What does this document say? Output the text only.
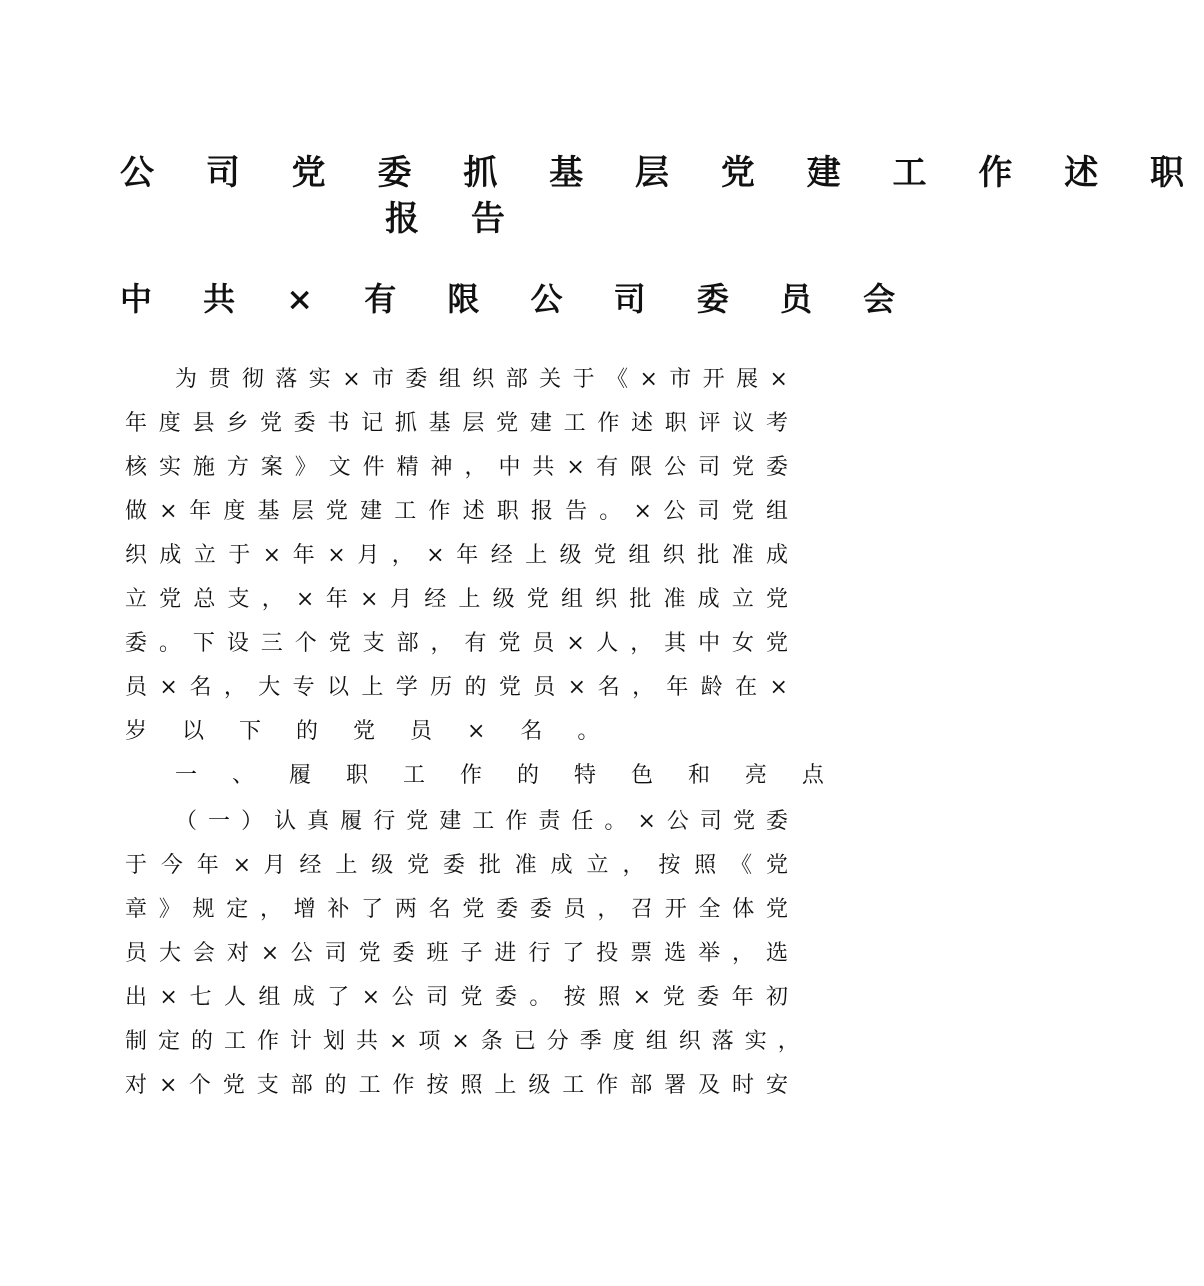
公 司 党 委 抓 基 层 党 建 工 作 述 职
报 告
中 共 × 有 限 公 司 委 员 会
为 贯 彻 落 实 × 市 委 组 织 部 关 于 《 × 市 开 展 ×
年 度 县 乡 党 委 书 记 抓 基 层 党 建 工 作 述 职 评 议 考
核 实 施 方 案 》 文 件 精 神 ， 中 共 × 有 限 公 司 党 委
做 × 年 度 基 层 党 建 工 作 述 职 报 告 。 × 公 司 党 组
织 成 立 于 × 年 × 月 ， × 年 经 上 级 党 组 织 批 准 成
立 党 总 支 ， × 年 × 月 经 上 级 党 组 织 批 准 成 立 党
委 。 下 设 三 个 党 支 部 ， 有 党 员 × 人 ， 其 中 女 党
员 × 名 ， 大 专 以 上 学 历 的 党 员 × 名 ， 年 龄 在 ×
岁 以 下 的 党 员 × 名 。
一 、 履 职 工 作 的 特 色 和 亮 点
（ 一 ） 认 真 履 行 党 建 工 作 责 任 。 × 公 司 党 委
于 今 年 × 月 经 上 级 党 委 批 准 成 立 ， 按 照 《 党
章 》 规 定 ， 增 补 了 两 名 党 委 委 员 ， 召 开 全 体 党
员 大 会 对 × 公 司 党 委 班 子 进 行 了 投 票 选 举 ， 选
出 × 七 人 组 成 了 × 公 司 党 委 。 按 照 × 党 委 年 初
制 定 的 工 作 计 划 共 × 项 × 条 已 分 季 度 组 织 落 实 ，
对 × 个 党 支 部 的 工 作 按 照 上 级 工 作 部 署 及 时 安
